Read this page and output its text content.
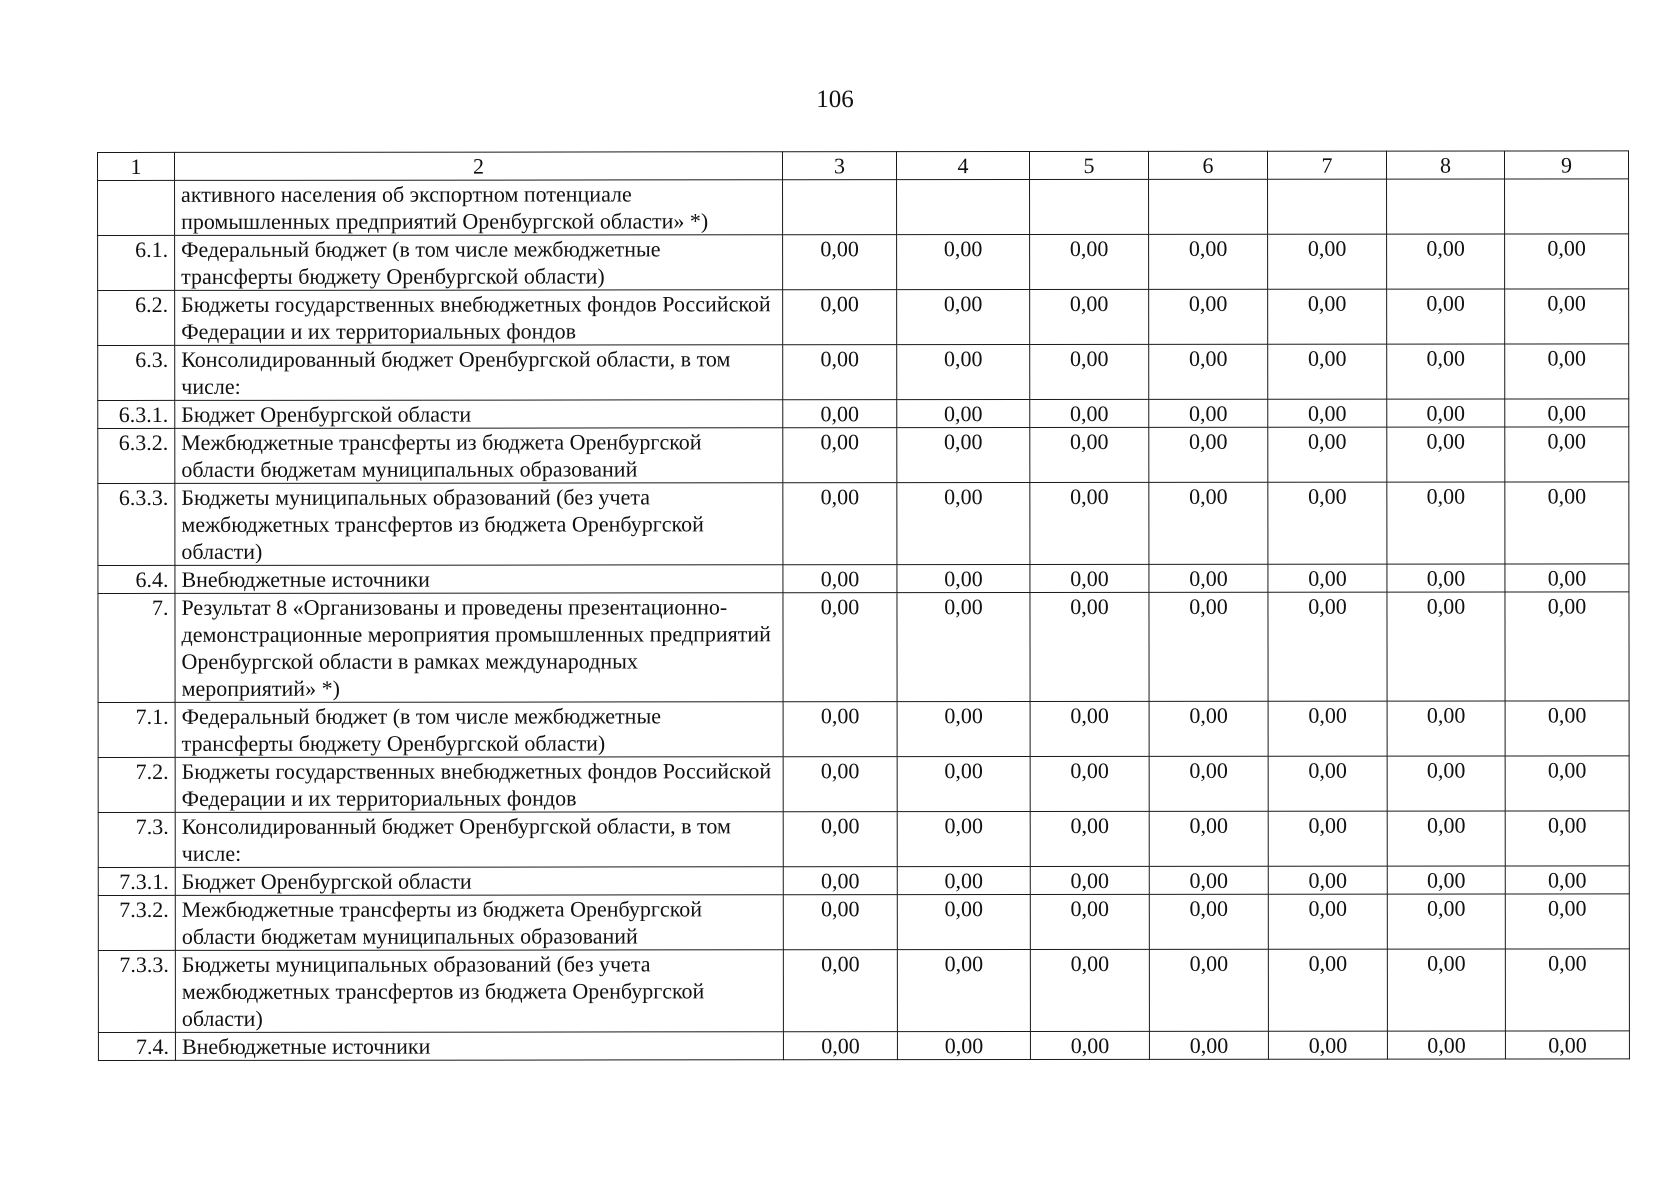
106
1	2	3	4	5	6	7	8	9
	активного населения об экспортном потенциале промышленных предприятий Оренбургской области» *)							
6.1.	Федеральный бюджет (в том числе межбюджетные трансферты бюджету Оренбургской области)	0,00	0,00	0,00	0,00	0,00	0,00	0,00
6.2.	Бюджеты государственных внебюджетных фондов Российской Федерации и их территориальных фондов	0,00	0,00	0,00	0,00	0,00	0,00	0,00
6.3.	Консолидированный бюджет Оренбургской области, в том числе:	0,00	0,00	0,00	0,00	0,00	0,00	0,00
6.3.1.	Бюджет Оренбургской области	0,00	0,00	0,00	0,00	0,00	0,00	0,00
6.3.2.	Межбюджетные трансферты из бюджета Оренбургской области бюджетам муниципальных образований	0,00	0,00	0,00	0,00	0,00	0,00	0,00
6.3.3.	Бюджеты муниципальных образований (без учета межбюджетных трансфертов из бюджета Оренбургской области)	0,00	0,00	0,00	0,00	0,00	0,00	0,00
6.4.	Внебюджетные источники	0,00	0,00	0,00	0,00	0,00	0,00	0,00
7.	Результат 8 «Организованы и проведены презентационно-демонстрационные мероприятия промышленных предприятий Оренбургской области в рамках международных мероприятий» *)	0,00	0,00	0,00	0,00	0,00	0,00	0,00
7.1.	Федеральный бюджет (в том числе межбюджетные трансферты бюджету Оренбургской области)	0,00	0,00	0,00	0,00	0,00	0,00	0,00
7.2.	Бюджеты государственных внебюджетных фондов Российской Федерации и их территориальных фондов	0,00	0,00	0,00	0,00	0,00	0,00	0,00
7.3.	Консолидированный бюджет Оренбургской области, в том числе:	0,00	0,00	0,00	0,00	0,00	0,00	0,00
7.3.1.	Бюджет Оренбургской области	0,00	0,00	0,00	0,00	0,00	0,00	0,00
7.3.2.	Межбюджетные трансферты из бюджета Оренбургской области бюджетам муниципальных образований	0,00	0,00	0,00	0,00	0,00	0,00	0,00
7.3.3.	Бюджеты муниципальных образований (без учета межбюджетных трансфертов из бюджета Оренбургской области)	0,00	0,00	0,00	0,00	0,00	0,00	0,00
7.4.	Внебюджетные источники	0,00	0,00	0,00	0,00	0,00	0,00	0,00
